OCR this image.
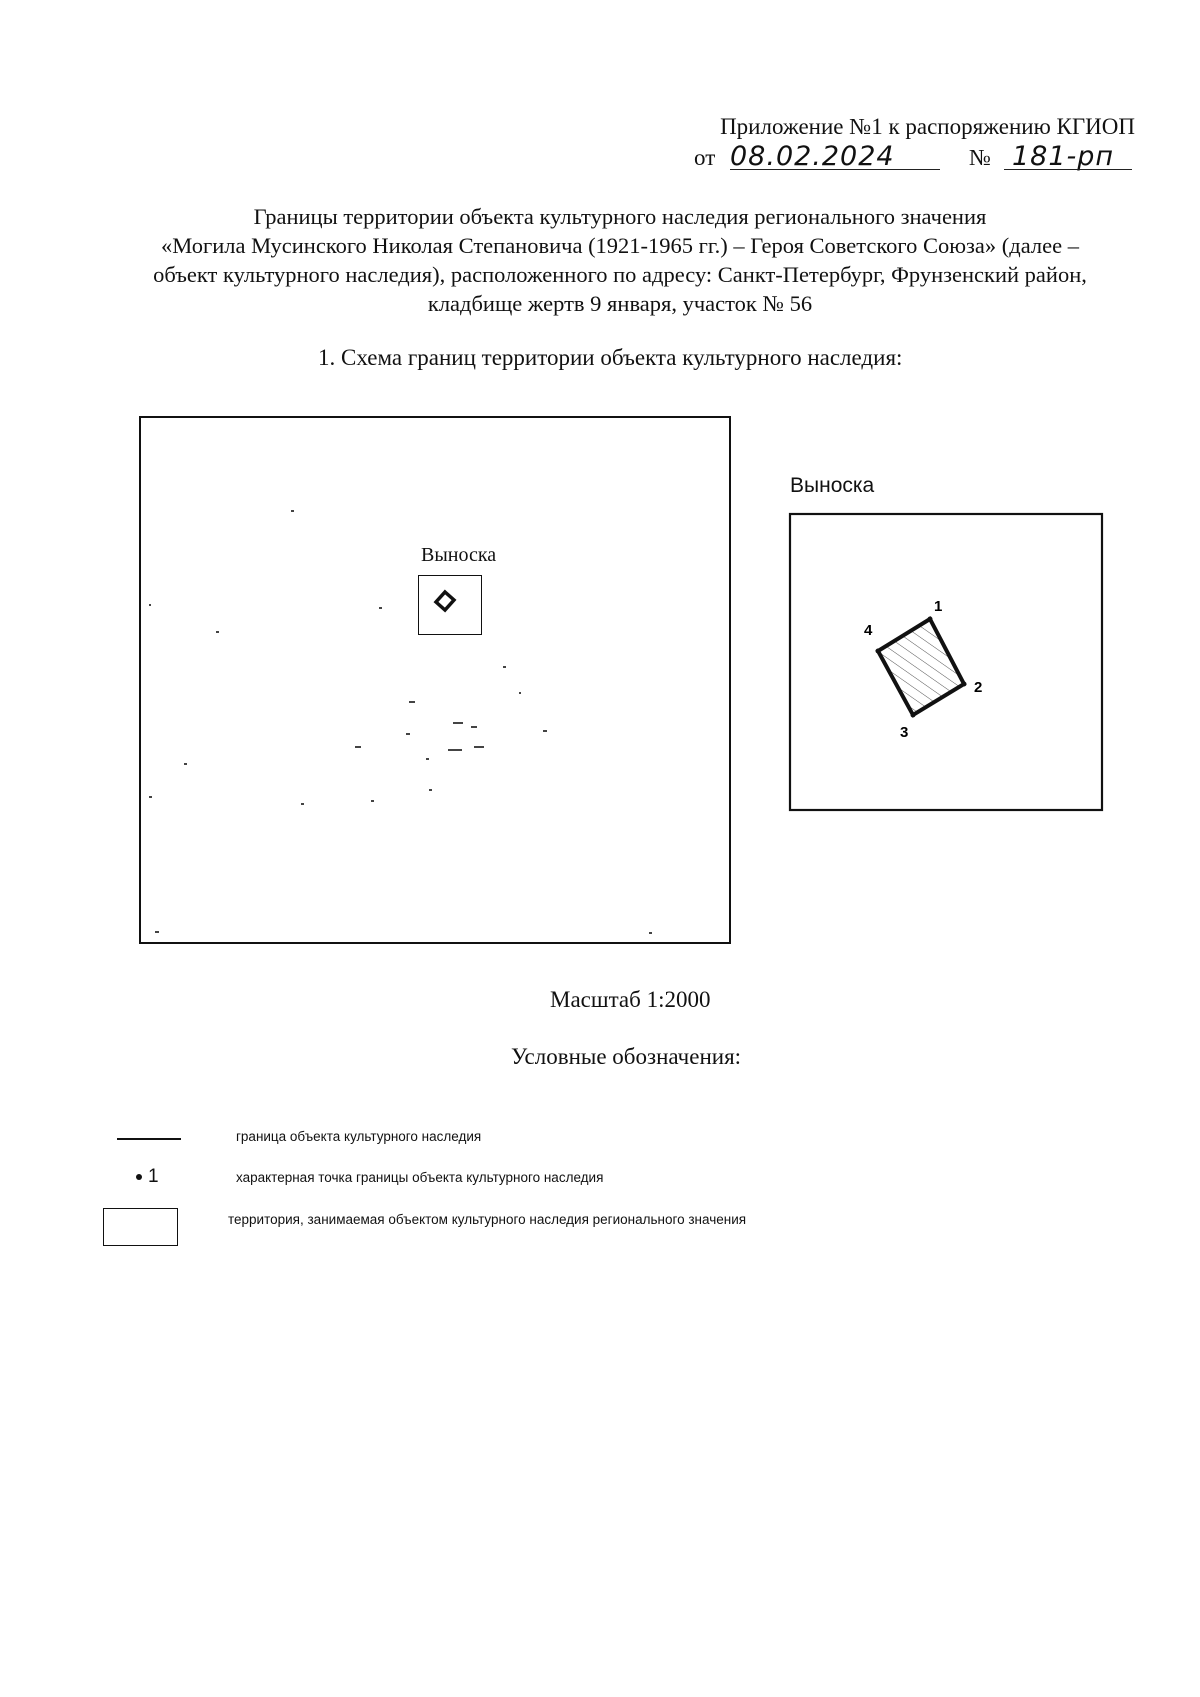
Приложение №1 к распоряжению КГИОП
от 08.02.2024	№ 181-рп
Границы территории объекта культурного наследия регионального значения
«Могила Мусинского Николая Степановича (1921-1965 гг.) – Героя Советского Союза» (далее –
объект культурного наследия), расположенного по адресу: Санкт-Петербург, Фрунзенский район,
кладбище жертв 9 января, участок № 56
1. Схема границ территории объекта культурного наследия:
Выноска
Выноска
1
2
3
4
Масштаб 1:2000
Условные обозначения:
граница объекта культурного наследия
1	характерная точка границы объекта культурного наследия
территория, занимаемая объектом культурного наследия регионального значения
